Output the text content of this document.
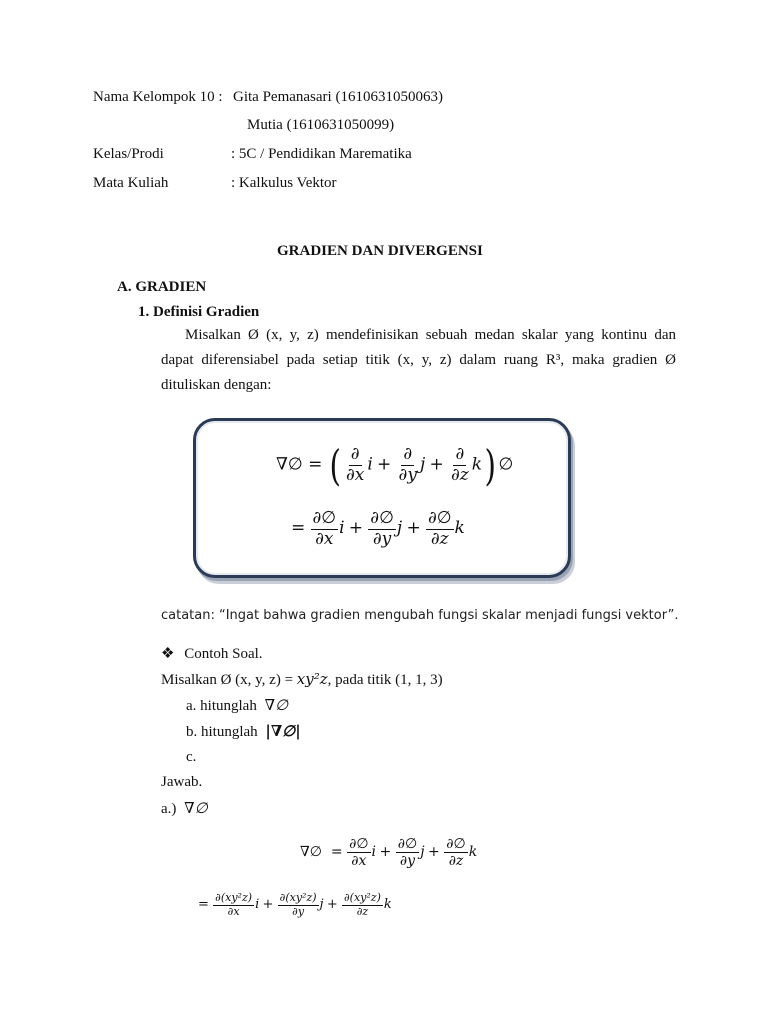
Nama Kelompok 10 : Gita Pemanasari (1610631050063)
Mutia (1610631050099)
Kelas/Prodi	: 5C / Pendidikan Maremat​ika
Mata Kuliah	: Kalkulus Vektor
GRADIEN DAN DIVERGENSI
A. GRADIEN
1. Definisi Gradien
Misalkan Ø (x, y, z) mendefinisikan sebuah medan skalar yang kontinu dan
dapat diferensiabel pada setiap titik (x, y, z) dalam ruang R³, maka gradien Ø
dituliskan dengan:
∇∅ = ( $\frac{\partial}{\partial x}$ $i + \frac{\partial}{\partial y}$ $j + \frac{\partial}{\partial z} k$) ∅
= $\frac{\partial\emptyset}{\partial x}$ $i + \frac{\partial\emptyset}{\partial y}$ $j + \frac{\partial\emptyset}{\partial z}$ k
catatan: “Ingat bahwa gradien mengubah fungsi skalar menjadi fungsi vektor”.
❖ Contoh Soal.
Misalkan Ø (x, y, z) = xy²z, pada titik (1, 1, 3)
a. hitunglah ∇∅
b. hitunglah |∇∅|
c.
Jawab.
a.) ∇∅
∇∅  = $\frac{\partial\emptyset}{\partial x}$ $i + \frac{\partial\emptyset}{\partial y}$ $j + \frac{\partial\emptyset}{\partial z}$ k
= $\frac{\text{∂(xy²z)}}{\partial x}$ $i + \frac{\text{∂(xy²z)}}{\partial y}$ $j + \frac{\text{∂(xy²z)}}{\partial z}$ k
